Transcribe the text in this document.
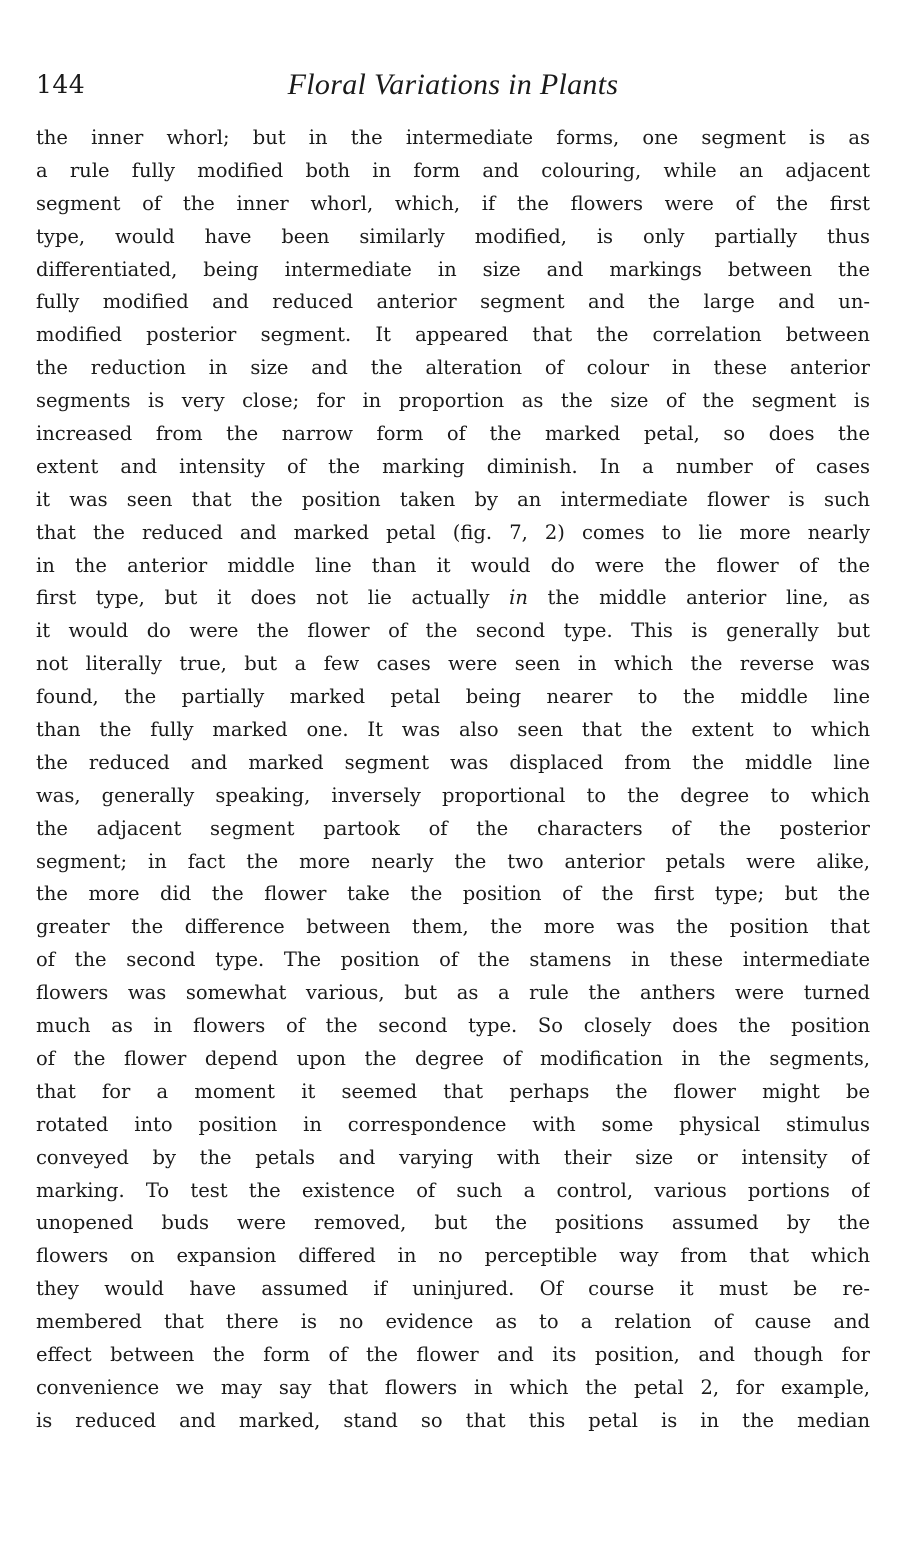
144	Floral Variations in Plants
the inner whorl; but in the intermediate forms, one segment is as
a rule fully modified both in form and colouring, while an adjacent
segment of the inner whorl, which, if the flowers were of the first
type, would have been similarly modified, is only partially thus
differentiated, being intermediate in size and markings between the
fully modified and reduced anterior segment and the large and un-
modified posterior segment. It appeared that the correlation between
the reduction in size and the alteration of colour in these anterior
segments is very close; for in proportion as the size of the segment is
increased from the narrow form of the marked petal, so does the
extent and intensity of the marking diminish. In a number of cases
it was seen that the position taken by an intermediate flower is such
that the reduced and marked petal (fig. 7, 2) comes to lie more nearly
in the anterior middle line than it would do were the flower of the
first type, but it does not lie actually in the middle anterior line, as
it would do were the flower of the second type. This is generally but
not literally true, but a few cases were seen in which the reverse was
found, the partially marked petal being nearer to the middle line
than the fully marked one. It was also seen that the extent to which
the reduced and marked segment was displaced from the middle line
was, generally speaking, inversely proportional to the degree to which
the adjacent segment partook of the characters of the posterior
segment; in fact the more nearly the two anterior petals were alike,
the more did the flower take the position of the first type; but the
greater the difference between them, the more was the position that
of the second type. The position of the stamens in these intermediate
flowers was somewhat various, but as a rule the anthers were turned
much as in flowers of the second type. So closely does the position
of the flower depend upon the degree of modification in the segments,
that for a moment it seemed that perhaps the flower might be
rotated into position in correspondence with some physical stimulus
conveyed by the petals and varying with their size or intensity of
marking. To test the existence of such a control, various portions of
unopened buds were removed, but the positions assumed by the
flowers on expansion differed in no perceptible way from that which
they would have assumed if uninjured. Of course it must be re-
membered that there is no evidence as to a relation of cause and
effect between the form of the flower and its position, and though for
convenience we may say that flowers in which the petal 2, for example,
is reduced and marked, stand so that this petal is in the median
